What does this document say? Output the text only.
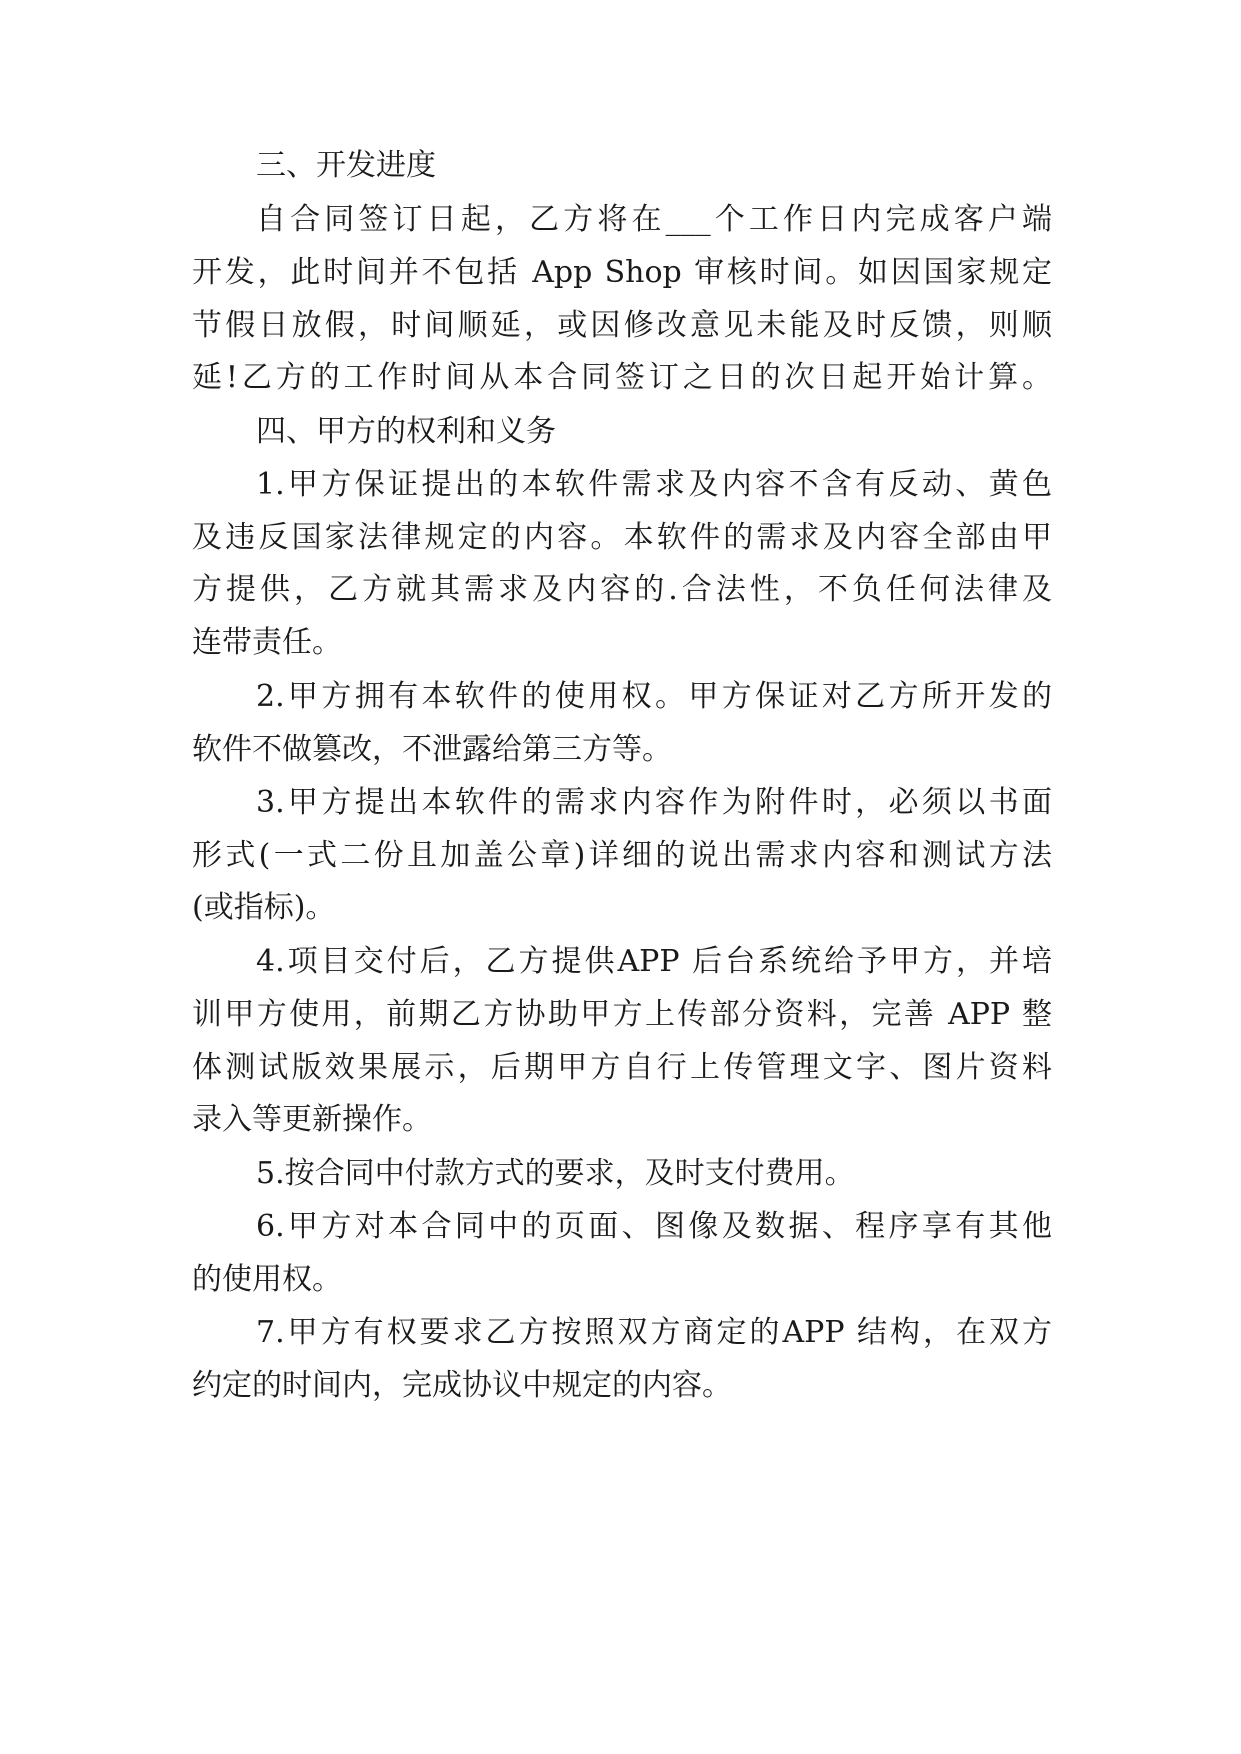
三、开发进度
自合同签订日起，乙方将在___个工作日内完成客户端
开发，此时间并不包括 App Shop 审核时间。如因国家规定
节假日放假，时间顺延，或因修改意见未能及时反馈，则顺
延!乙方的工作时间从本合同签订之日的次日起开始计算。
四、甲方的权利和义务
1.甲方保证提出的本软件需求及内容不含有反动、黄色
及违反国家法律规定的内容。本软件的需求及内容全部由甲
方提供，乙方就其需求及内容的.合法性，不负任何法律及
连带责任。
2.甲方拥有本软件的使用权。甲方保证对乙方所开发的
软件不做篡改，不泄露给第三方等。
3.甲方提出本软件的需求内容作为附件时，必须以书面
形式(一式二份且加盖公章)详细的说出需求内容和测试方法
(或指标)。
4.项目交付后，乙方提供APP 后台系统给予甲方，并培
训甲方使用，前期乙方协助甲方上传部分资料，完善 APP 整
体测试版效果展示，后期甲方自行上传管理文字、图片资料
录入等更新操作。
5.按合同中付款方式的要求，及时支付费用。
6.甲方对本合同中的页面、图像及数据、程序享有其他
的使用权。
7.甲方有权要求乙方按照双方商定的APP 结构，在双方
约定的时间内，完成协议中规定的内容。
